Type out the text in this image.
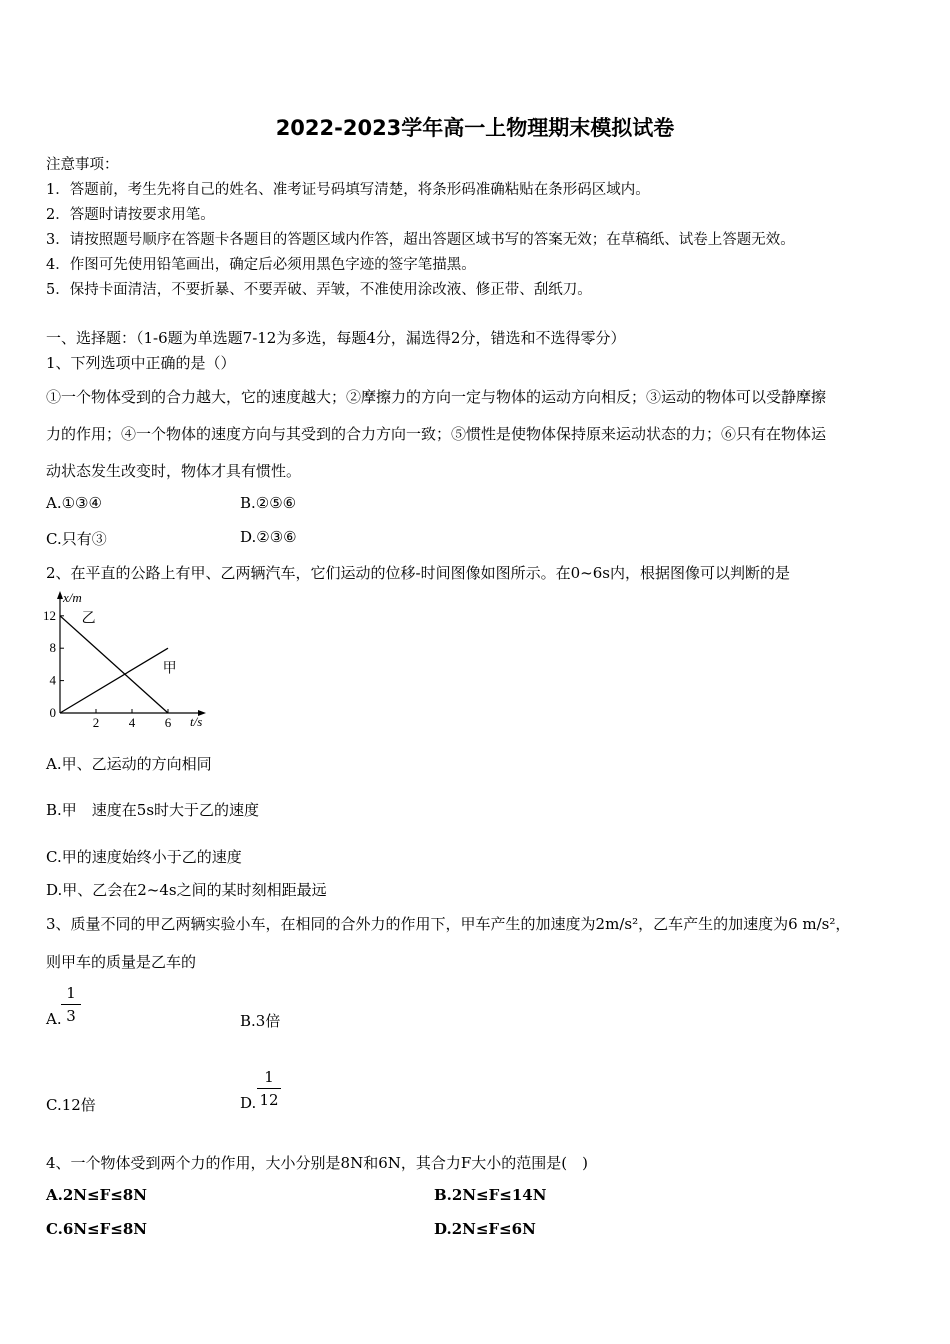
2022-2023学年高一上物理期末模拟试卷
注意事项：
1．答题前，考生先将自己的姓名、准考证号码填写清楚，将条形码准确粘贴在条形码区域内。
2．答题时请按要求用笔。
3．请按照题号顺序在答题卡各题目的答题区域内作答，超出答题区域书写的答案无效；在草稿纸、试卷上答题无效。
4．作图可先使用铅笔画出，确定后必须用黑色字迹的签字笔描黑。
5．保持卡面清洁，不要折暴、不要弄破、弄皱，不准使用涂改液、修正带、刮纸刀。
一、选择题：（1-6题为单选题7-12为多选，每题4分，漏选得2分，错选和不选得零分）
1、下列选项中正确的是（）
①一个物体受到的合力越大，它的速度越大；②摩擦力的方向一定与物体的运动方向相反；③运动的物体可以受静摩擦
力的作用；④一个物体的速度方向与其受到的合力方向一致；⑤惯性是使物体保持原来运动状态的力；⑥只有在物体运
动状态发生改变时，物体才具有惯性。
A.①③④	B.②⑤⑥
C.只有③	D.②③⑥
2、在平直的公路上有甲、乙两辆汽车，它们运动的位移-时间图像如图所示。在0~6s内，根据图像可以判断的是
2 4 6
4
8
12
0
x/m
t/s
乙
甲
A.甲、乙运动的方向相同
B.甲　速度在5s时大于乙的速度
C.甲的速度始终小于乙的速度
D.甲、乙会在2~4s之间的某时刻相距最远
3、质量不同的甲乙两辆实验小车，在相同的合外力的作用下，甲车产生的加速度为2m/s²，乙车产生的加速度为6 m/s²，
则甲车的质量是乙车的
A.
1
3	B.3倍
C.12倍	D.
1
12
4、一个物体受到两个力的作用，大小分别是8N和6N，其合力F大小的范围是(　)
A.2N≤F≤8N	B.2N≤F≤14N
C.6N≤F≤8N	D.2N≤F≤6N
